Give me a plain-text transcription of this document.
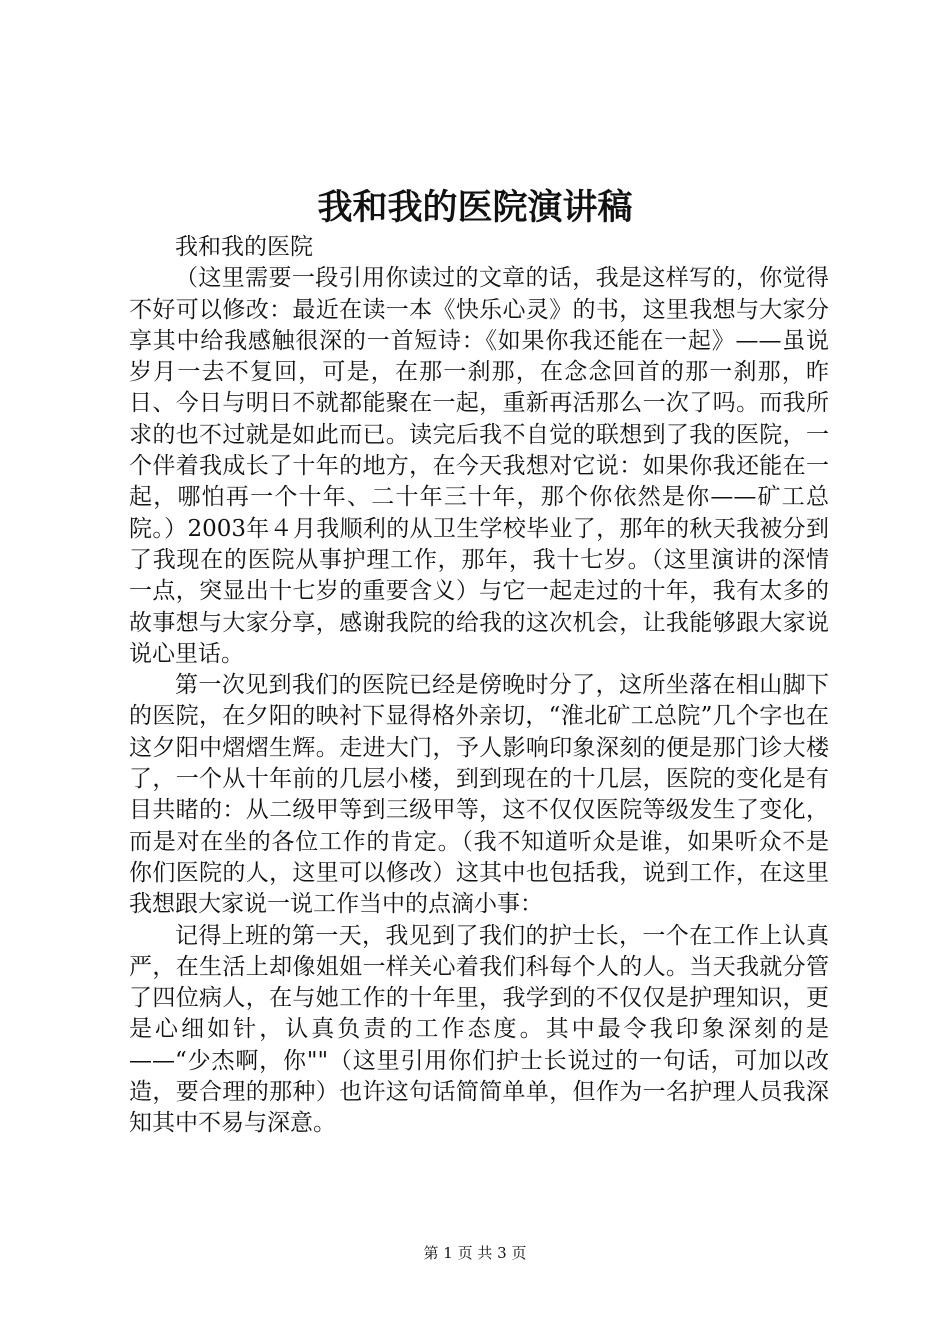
我和我的医院演讲稿

我和我的医院

（这里需要一段引用你读过的文章的话，我是这样写的，你觉得不好可以修改：最近在读一本《快乐心灵》的书，这里我想与大家分享其中给我感触很深的一首短诗：《如果你我还能在一起》——虽说岁月一去不复回，可是，在那一刹那，在念念回首的那一刹那，昨日、今日与明日不就都能聚在一起，重新再活那么一次了吗。而我所求的也不过就是如此而已。读完后我不自觉的联想到了我的医院，一个伴着我成长了十年的地方，在今天我想对它说：如果你我还能在一起，哪怕再一个十年、二十年三十年，那个你依然是你——矿工总院。）2003年４月我顺利的从卫生学校毕业了，那年的秋天我被分到了我现在的医院从事护理工作，那年，我十七岁。（这里演讲的深情一点，突显出十七岁的重要含义）与它一起走过的十年，我有太多的故事想与大家分享，感谢我院的给我的这次机会，让我能够跟大家说说心里话。

第一次见到我们的医院已经是傍晚时分了，这所坐落在相山脚下的医院，在夕阳的映衬下显得格外亲切，“淮北矿工总院”几个字也在这夕阳中熠熠生辉。走进大门，予人影响印象深刻的便是那门诊大楼了，一个从十年前的几层小楼，到到现在的十几层，医院的变化是有目共睹的：从二级甲等到三级甲等，这不仅仅医院等级发生了变化，而是对在坐的各位工作的肯定。（我不知道听众是谁，如果听众不是你们医院的人，这里可以修改）这其中也包括我，说到工作，在这里我想跟大家说一说工作当中的点滴小事：

记得上班的第一天，我见到了我们的护士长，一个在工作上认真严，在生活上却像姐姐一样关心着我们科每个人的人。当天我就分管了四位病人，在与她工作的十年里，我学到的不仅仅是护理知识，更是心细如针，认真负责的工作态度。其中最令我印象深刻的是——“少杰啊，你""（这里引用你们护士长说过的一句话，可加以改造，要合理的那种）也许这句话简简单单，但作为一名护理人员我深知其中不易与深意。

第 1 页 共 3 页
